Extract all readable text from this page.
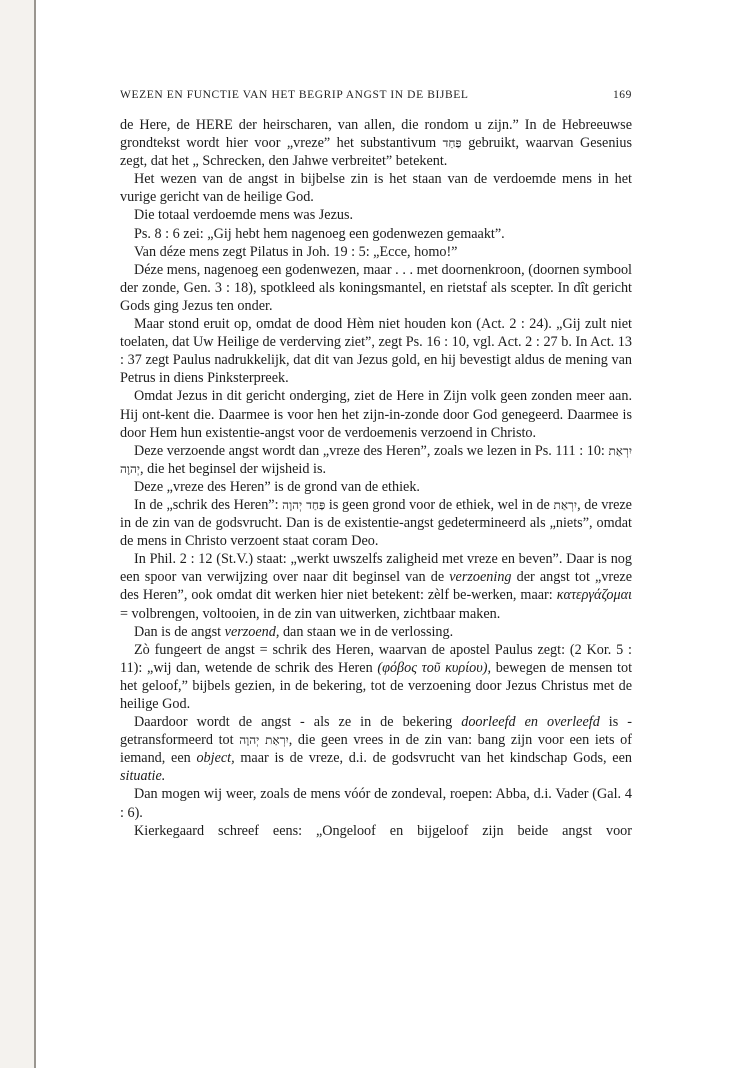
WEZEN EN FUNCTIE VAN HET BEGRIP ANGST IN DE BIJBEL	169

de Here, de HERE der heirscharen, van allen, die rondom u zijn.” In de Hebreeuwse grondtekst wordt hier voor „vreze” het substantivum פַּחַד gebruikt, waarvan Gesenius zegt, dat het „ Schrecken, den Jahwe verbreitet” betekent.

Het wezen van de angst in bijbelse zin is het staan van de verdoemde mens in het vurige gericht van de heilige God.

Die totaal verdoemde mens was Jezus.

Ps. 8 : 6 zei: „Gij hebt hem nagenoeg een godenwezen gemaakt”.

Van déze mens zegt Pilatus in Joh. 19 : 5: „Ecce, homo!”

Déze mens, nagenoeg een godenwezen, maar . . . met doornenkroon, (doornen symbool der zonde, Gen. 3 : 18), spotkleed als koningsmantel, en rietstaf als scepter. In dît gericht Gods ging Jezus ten onder.

Maar stond eruit op, omdat de dood Hèm niet houden kon (Act. 2 : 24). „Gij zult niet toelaten, dat Uw Heilige de verderving ziet”, zegt Ps. 16 : 10, vgl. Act. 2 : 27 b. In Act. 13 : 37 zegt Paulus nadrukkelijk, dat dit van Jezus gold, en hij bevestigt aldus de mening van Petrus in diens Pinksterpreek.

Omdat Jezus in dit gericht onderging, ziet de Here in Zijn volk geen zonden meer aan. Hij ont-kent die. Daarmee is voor hen het zijn-in-zonde door God genegeerd. Daarmee is door Hem hun existentie-angst voor de verdoemenis verzoend in Christo.

Deze verzoende angst wordt dan „vreze des Heren”, zoals we lezen in Ps. 111 : 10: יִרְאַת יְהוָה, die het beginsel der wijsheid is.

Deze „vreze des Heren” is de grond van de ethiek.

In de „schrik des Heren”: פַּחַד יְהוָה is geen grond voor de ethiek, wel in de יִרְאַת, de vreze in de zin van de godsvrucht. Dan is de existentie-angst gedetermineerd als „niets”, omdat de mens in Christo verzoent staat coram Deo.

In Phil. 2 : 12 (St.V.) staat: „werkt uwszelfs zaligheid met vreze en beven”. Daar is nog een spoor van verwijzing over naar dit beginsel van de verzoening der angst tot „vreze des Heren”, ook omdat dit werken hier niet betekent: zèlf be-werken, maar: κατεργάζομαι = volbrengen, voltooien, in de zin van uitwerken, zichtbaar maken.

Dan is de angst verzoend, dan staan we in de verlossing.

Zò fungeert de angst = schrik des Heren, waarvan de apostel Paulus zegt: (2 Kor. 5 : 11): „wij dan, wetende de schrik des Heren (φόβος τοῦ κυρίου), bewegen de mensen tot het geloof,” bijbels gezien, in de bekering, tot de verzoening door Jezus Christus met de heilige God.

Daardoor wordt de angst - als ze in de bekering doorleefd en overleefd is - getransformeerd tot יִרְאַת יְהוָה, die geen vrees in de zin van: bang zijn voor een iets of iemand, een object, maar is de vreze, d.i. de godsvrucht van het kindschap Gods, een situatie.

Dan mogen wij weer, zoals de mens vóór de zondeval, roepen: Abba, d.i. Vader (Gal. 4 : 6).

Kierkegaard schreef eens: „Ongeloof en bijgeloof zijn beide angst voor
